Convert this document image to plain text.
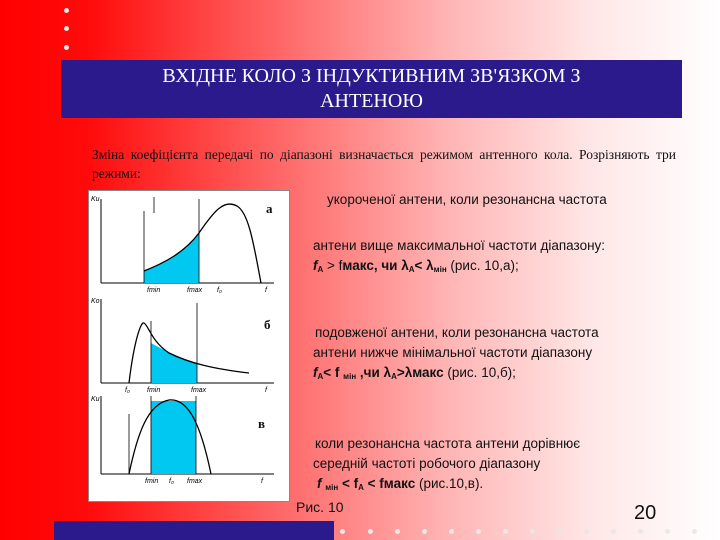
ВХІДНЕ КОЛО З ІНДУКТИВНИМ ЗВ'ЯЗКОМ З
АНТЕНОЮ
Зміна коефіцієнта передачі по діапазоні визначається режимом антенного кола. Розрізняють три режими:
Ku
fmin	fmax f₀	f
Ko
f₀ fmin	fmax	f
Ku
fmin f₀ fmax	f
а
б
в
Рис. 10
укороченої антени, коли резонансна частота
антени вище максимальної частоти діапазону:
$f_A$ > fмакс, чи $\lambda_A< \lambda_{мін}$ (рис. 10,а);
подовженої антени, коли резонансна частота
антени нижче мінімальної частоти діапазону
$f_A< f$ $_{мін}$ ,чи $\lambda_A>\lambda макс$ (рис. 10,б);
коли резонансна частота антени дорівнює
середній частоті робочого діапазону
f $_{мін} < f_A$ < fмакс (рис.10,в).
20
